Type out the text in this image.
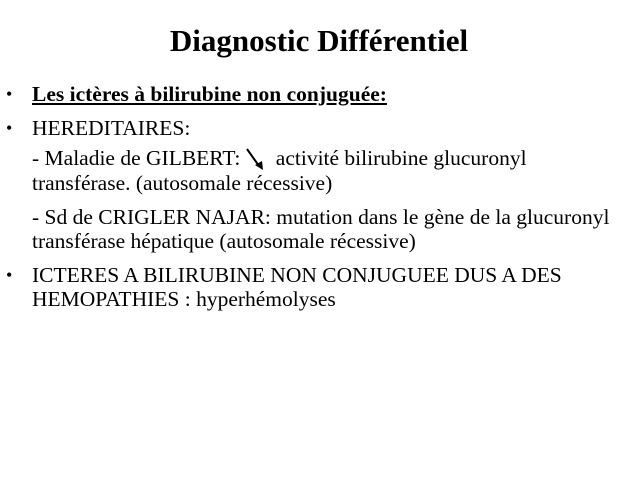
Diagnostic Différentiel
• Les ictères à bilirubine non conjuguée:
• HEREDITAIRES:
- Maladie de GILBERT: activité bilirubine glucuronyl transférase. (autosomale récessive)
- Sd de CRIGLER NAJAR: mutation dans le gène de la glucuronyl transférase hépatique (autosomale récessive)
• ICTERES A BILIRUBINE NON CONJUGUEE DUS A DES HEMOPATHIES : hyperhémolyses
